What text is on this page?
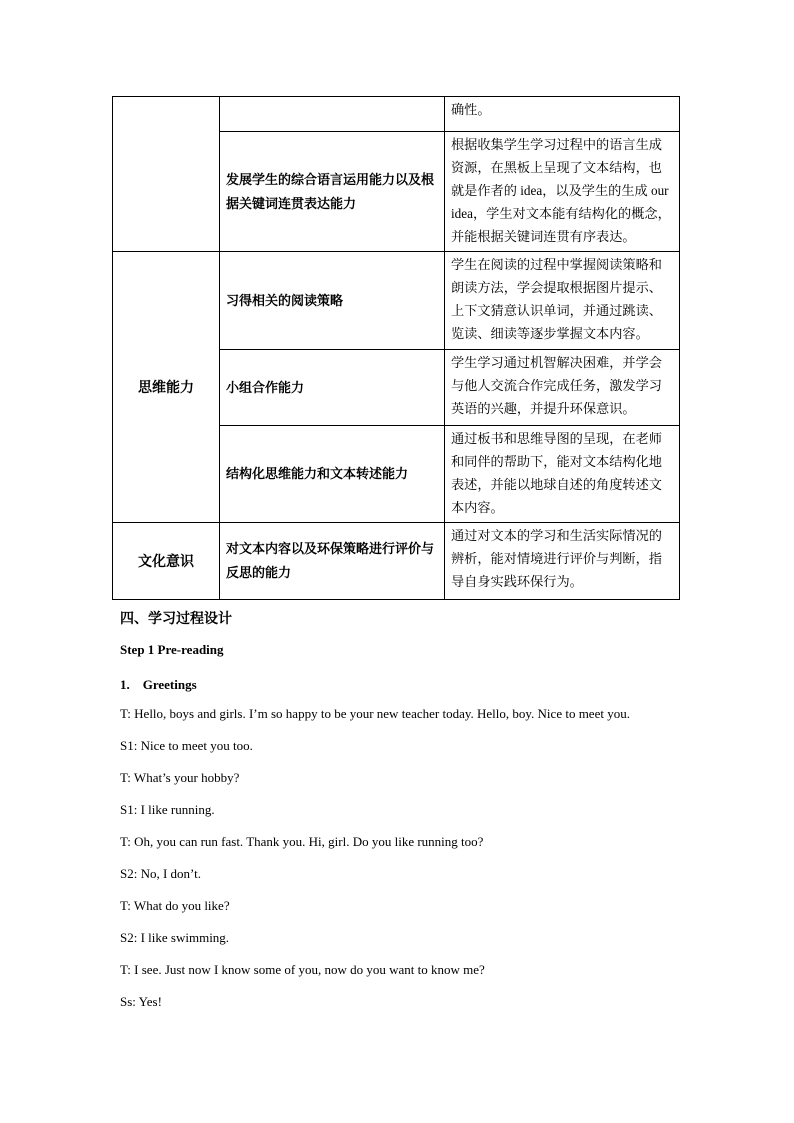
		确性。
	发展学生的综合语言运用能力以及根据关键词连贯表达能力	根据收集学生学习过程中的语言生成资源，在黑板上呈现了文本结构，也就是作者的 idea，以及学生的生成 our idea，学生对文本能有结构化的概念，并能根据关键词连贯有序表达。
思维能力	习得相关的阅读策略	学生在阅读的过程中掌握阅读策略和朗读方法，学会提取根据图片提示、上下文猜意认识单词，并通过跳读、览读、细读等逐步掌握文本内容。
	小组合作能力	学生学习通过机智解决困难，并学会与他人交流合作完成任务，激发学习英语的兴趣，并提升环保意识。
	结构化思维能力和文本转述能力	通过板书和思维导图的呈现，在老师和同伴的帮助下，能对文本结构化地表述，并能以地球自述的角度转述文本内容。
文化意识	对文本内容以及环保策略进行评价与反思的能力	通过对文本的学习和生活实际情况的辨析，能对情境进行评价与判断，指导自身实践环保行为。
四、学习过程设计
Step 1 Pre-reading
1.　Greetings
T: Hello, boys and girls. I’m so happy to be your new teacher today. Hello, boy. Nice to meet you.
S1: Nice to meet you too.
T: What’s your hobby?
S1: I like running.
T: Oh, you can run fast. Thank you. Hi, girl. Do you like running too?
S2: No, I don’t.
T: What do you like?
S2: I like swimming.
T: I see. Just now I know some of you, now do you want to know me?
Ss: Yes!
